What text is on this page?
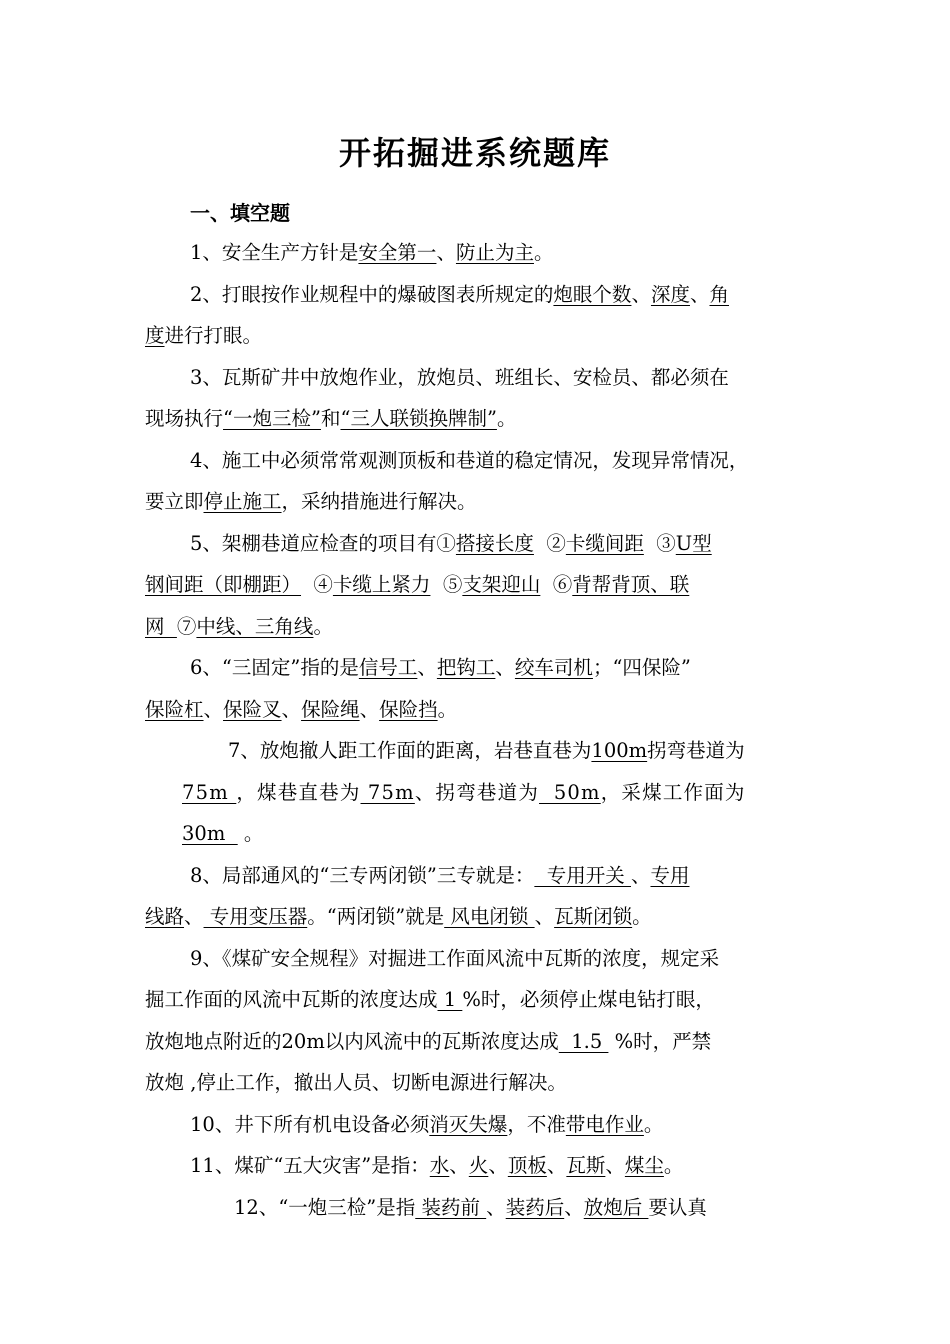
开拓掘进系统题库
一、填空题
1、安全生产方针是安全第一、防止为主。
2、打眼按作业规程中的爆破图表所规定的炮眼个数、深度、角
度进行打眼。
3、瓦斯矿井中放炮作业，放炮员、班组长、安检员、都必须在
现场执行“一炮三检”和“三人联锁换牌制”。
4、施工中必须常常观测顶板和巷道的稳定情况，发现异常情况，
要立即停止施工，采纳措施进行解决。
5、架棚巷道应检查的项目有①搭接长度  ②卡缆间距  ③U型
钢间距（即棚距）  ④卡缆上紧力  ⑤支架迎山  ⑥背帮背顶、联
网  ⑦中线、三角线。
6、“三固定”指的是信号工、把钩工、绞车司机；“四保险”
保险杠、保险叉、保险绳、保险挡。
7、放炮撤人距工作面的距离，岩巷直巷为100m拐弯巷道为
75m ，煤巷直巷为 75m、拐弯巷道为  50m，采煤工作面为
30m   。
8、局部通风的“三专两闭锁”三专就是：  专用开关 、专用
线路、 专用变压器。“两闭锁”就是 风电闭锁 、瓦斯闭锁。
9、《煤矿安全规程》对掘进工作面风流中瓦斯的浓度，规定采
掘工作面的风流中瓦斯的浓度达成 1 %时，必须停止煤电钻打眼，
放炮地点附近的20m以内风流中的瓦斯浓度达成  1.5  %时，严禁
放炮 ,停止工作，撤出人员、切断电源进行解决。
10、井下所有机电设备必须消灭失爆，不准带电作业。
11、煤矿“五大灾害”是指：水、火、顶板、瓦斯、煤尘。
12、“一炮三检”是指 装药前 、装药后、放炮后 要认真
